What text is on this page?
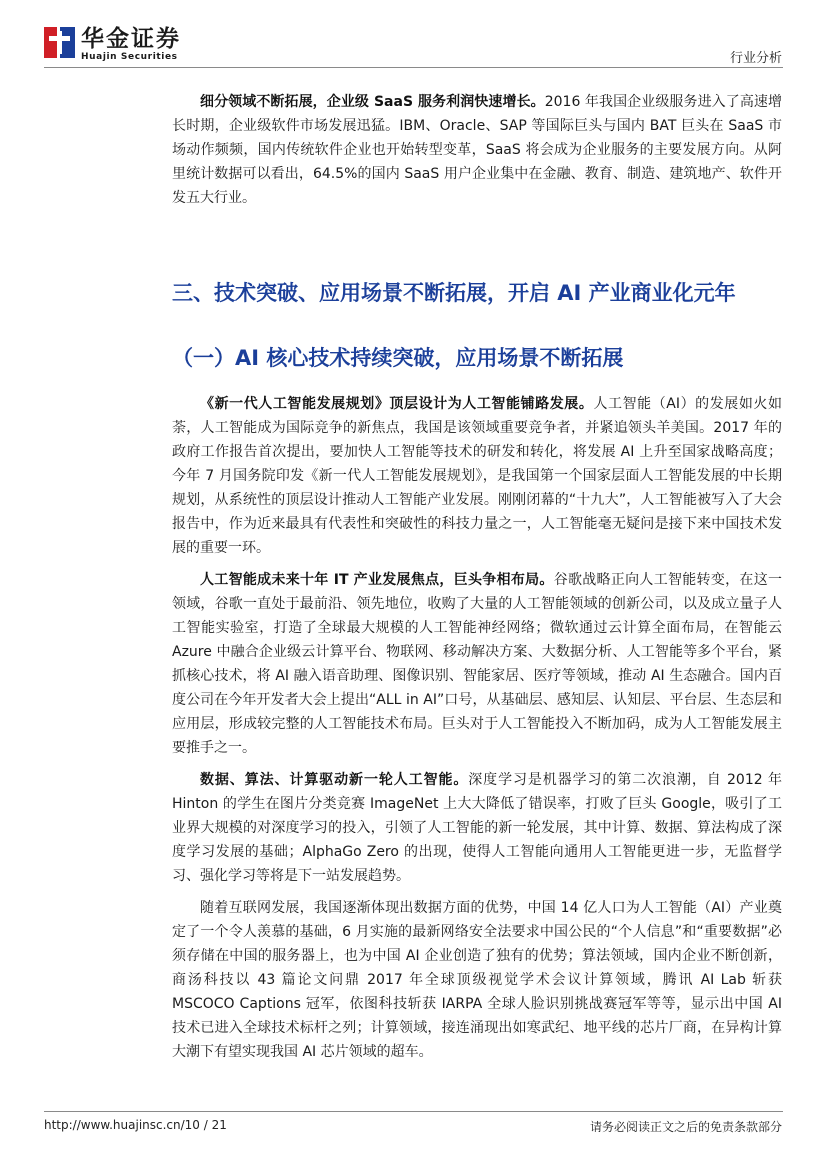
华金证券
Huajin Securities	行业分析

细分领域不断拓展，企业级 SaaS 服务利润快速增长。2016 年我国企业级服务进入了高速增长时期，企业级软件市场发展迅猛。IBM、Oracle、SAP 等国际巨头与国内 BAT 巨头在 SaaS 市场动作频频，国内传统软件企业也开始转型变革，SaaS 将会成为企业服务的主要发展方向。从阿里统计数据可以看出，64.5%的国内 SaaS 用户企业集中在金融、教育、制造、建筑地产、软件开发五大行业。

三、技术突破、应用场景不断拓展，开启 AI 产业商业化元年
（一）AI 核心技术持续突破，应用场景不断拓展

《新一代人工智能发展规划》顶层设计为人工智能铺路发展。人工智能（AI）的发展如火如荼，人工智能成为国际竞争的新焦点，我国是该领域重要竞争者，并紧追领头羊美国。2017 年的政府工作报告首次提出，要加快人工智能等技术的研发和转化，将发展 AI 上升至国家战略高度；今年 7 月国务院印发《新一代人工智能发展规划》，是我国第一个国家层面人工智能发展的中长期规划，从系统性的顶层设计推动人工智能产业发展。刚刚闭幕的“十九大”，人工智能被写入了大会报告中，作为近来最具有代表性和突破性的科技力量之一，人工智能毫无疑问是接下来中国技术发展的重要一环。

人工智能成未来十年 IT 产业发展焦点，巨头争相布局。谷歌战略正向人工智能转变，在这一领域，谷歌一直处于最前沿、领先地位，收购了大量的人工智能领域的创新公司，以及成立量子人工智能实验室，打造了全球最大规模的人工智能神经网络；微软通过云计算全面布局，在智能云 Azure 中融合企业级云计算平台、物联网、移动解决方案、大数据分析、人工智能等多个平台，紧抓核心技术，将 AI 融入语音助理、图像识别、智能家居、医疗等领域，推动 AI 生态融合。国内百度公司在今年开发者大会上提出“ALL in AI”口号，从基础层、感知层、认知层、平台层、生态层和应用层，形成较完整的人工智能技术布局。巨头对于人工智能投入不断加码，成为人工智能发展主要推手之一。

数据、算法、计算驱动新一轮人工智能。深度学习是机器学习的第二次浪潮，自 2012 年 Hinton 的学生在图片分类竞赛 ImageNet 上大大降低了错误率，打败了巨头 Google，吸引了工业界大规模的对深度学习的投入，引领了人工智能的新一轮发展，其中计算、数据、算法构成了深度学习发展的基础；AlphaGo Zero 的出现，使得人工智能向通用人工智能更进一步，无监督学习、强化学习等将是下一站发展趋势。

随着互联网发展，我国逐渐体现出数据方面的优势，中国 14 亿人口为人工智能（AI）产业奠定了一个令人羡慕的基础，6 月实施的最新网络安全法要求中国公民的“个人信息”和“重要数据”必须存储在中国的服务器上，也为中国 AI 企业创造了独有的优势；算法领域，国内企业不断创新，商汤科技以 43 篇论文问鼎 2017 年全球顶级视觉学术会议计算领域，腾讯 AI Lab 斩获 MSCOCO Captions 冠军，依图科技斩获 IARPA 全球人脸识别挑战赛冠军等等，显示出中国 AI 技术已进入全球技术标杆之列；计算领域，接连涌现出如寒武纪、地平线的芯片厂商，在异构计算大潮下有望实现我国 AI 芯片领域的超车。

http://www.huajinsc.cn/10 / 21	请务必阅读正文之后的免责条款部分
